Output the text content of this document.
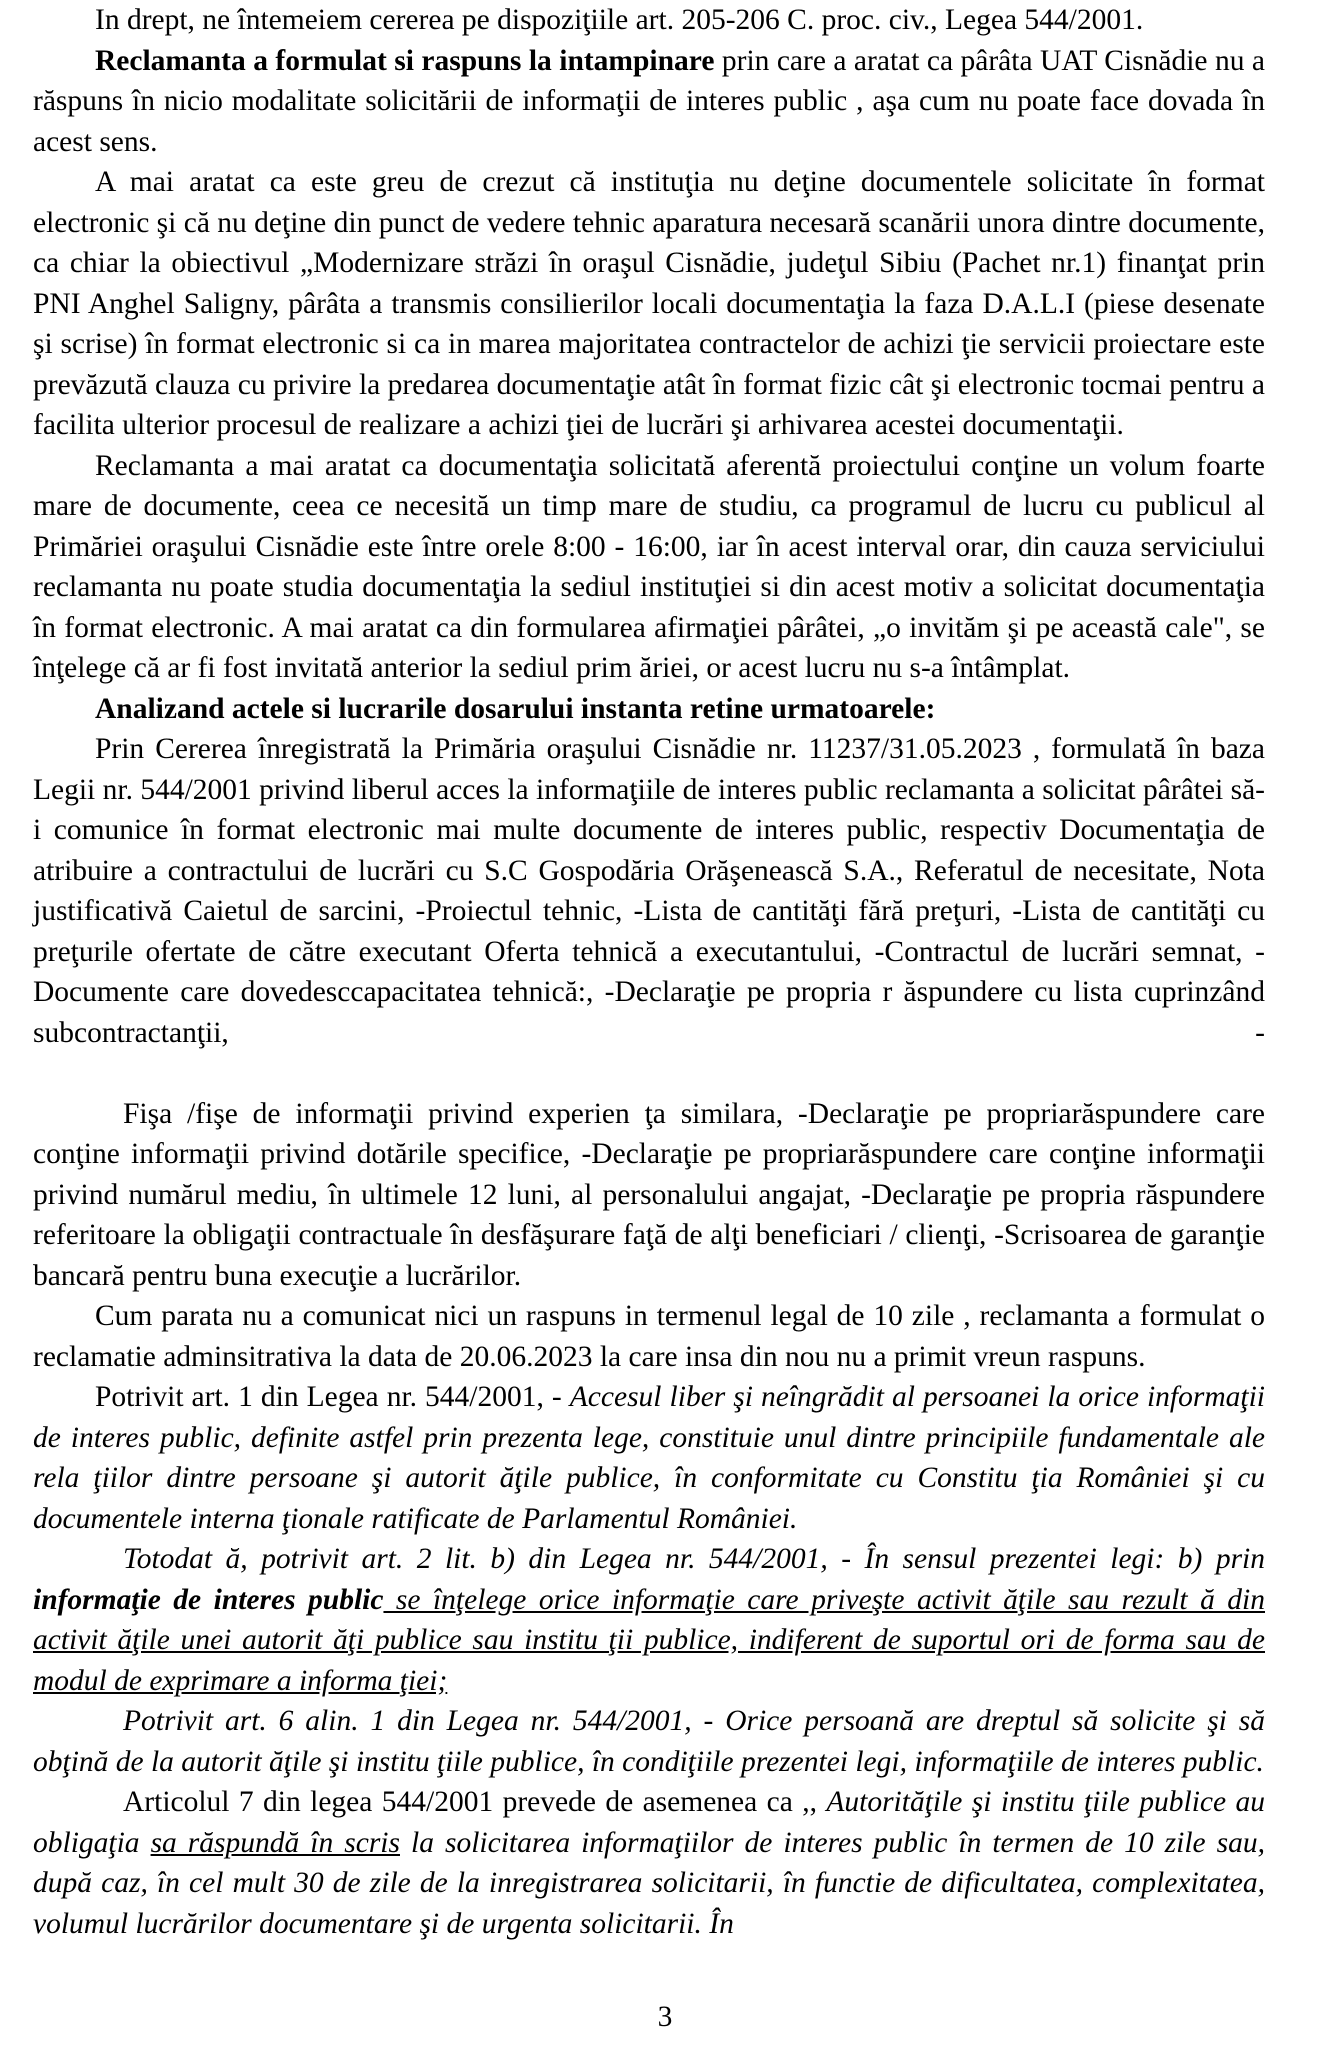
In drept, ne întemeiem cererea pe dispoziţiile art. 205-206 C. proc. civ., Legea 544/2001.

Reclamanta a formulat si raspuns la intampinare prin care a aratat ca pârâta UAT Cisnădie nu a răspuns în nicio modalitate solicitării de informaţii de interes public , aşa cum nu poate face dovada în acest sens.

A mai aratat ca este greu de crezut că instituţia nu deţine documentele solicitate în format electronic şi că nu deţine din punct de vedere tehnic aparatura necesară scanării unora dintre documente, ca chiar la obiectivul „Modernizare străzi în oraşul Cisnădie, judeţul Sibiu (Pachet nr.1) finanţat prin PNI Anghel Saligny, pârâta a transmis consilierilor locali documentaţia la faza D.A.L.I (piese desenate şi scrise) în format electronic si ca in marea majoritatea contractelor de achizi ţie servicii proiectare este prevăzută clauza cu privire la predarea documentaţie atât în format fizic cât şi electronic tocmai pentru a facilita ulterior procesul de realizare a achizi ţiei de lucrări şi arhivarea acestei documentaţii.

Reclamanta a mai aratat ca documentaţia solicitată aferentă proiectului conţine un volum foarte mare de documente, ceea ce necesită un timp mare de studiu, ca programul de lucru cu publicul al Primăriei oraşului Cisnădie este între orele 8:00 - 16:00, iar în acest interval orar, din cauza serviciului reclamanta nu poate studia documentaţia la sediul instituţiei si din acest motiv a solicitat documentaţia în format electronic. A mai aratat ca din formularea afirmaţiei pârâtei, „o invităm şi pe această cale", se înţelege că ar fi fost invitată anterior la sediul prim ăriei, or acest lucru nu s-a întâmplat.

Analizand actele si lucrarile dosarului instanta retine urmatoarele:

Prin Cererea înregistrată la Primăria oraşului Cisnădie nr. 11237/31.05.2023 , formulată în baza Legii nr. 544/2001 privind liberul acces la informaţiile de interes public reclamanta a solicitat pârâtei să-i comunice în format electronic mai multe documente de interes public, respectiv Documentaţia de atribuire a contractului de lucrări cu S.C Gospodăria Orăşenească S.A., Referatul de necesitate, Nota justificativă Caietul de sarcini, -Proiectul tehnic, -Lista de cantităţi fără preţuri, -Lista de cantităţi cu preţurile ofertate de către executant Oferta tehnică a executantului, -Contractul de lucrări semnat, -Documente care dovedesccapacitatea tehnică:, -Declaraţie pe propria r ăspundere cu lista cuprinzând subcontractanţii, -

Fişa /fişe de informaţii privind experien ţa similara, -Declaraţie pe propriarăspundere care conţine informaţii privind dotările specifice, -Declaraţie pe propriarăspundere care conţine informaţii privind numărul mediu, în ultimele 12 luni, al personalului angajat, -Declaraţie pe propria răspundere referitoare la obligaţii contractuale în desfăşurare faţă de alţi beneficiari / clienţi, -Scrisoarea de garanţie bancară pentru buna execuţie a lucrărilor.

Cum parata nu a comunicat nici un raspuns in termenul legal de 10 zile , reclamanta a formulat o reclamatie adminsitrativa la data de 20.06.2023 la care insa din nou nu a primit vreun raspuns.

Potrivit art. 1 din Legea nr. 544/2001, - Accesul liber şi neîngrădit al persoanei la orice informaţii de interes public, definite astfel prin prezenta lege, constituie unul dintre principiile fundamentale ale rela ţiilor dintre persoane şi autorit ăţile publice, în conformitate cu Constitu ţia României şi cu documentele interna ţionale ratificate de Parlamentul României.

Totodat ă, potrivit art. 2 lit. b) din Legea nr. 544/2001, - În sensul prezentei legi: b) prin informaţie de interes public se înţelege orice informaţie care priveşte activit ăţile sau rezult ă din activit ăţile unei autorit ăţi publice sau institu ţii publice, indiferent de suportul ori de forma sau de modul de exprimare a informa ţiei;

Potrivit art. 6 alin. 1 din Legea nr. 544/2001, - Orice persoană are dreptul să solicite şi să obţină de la autorit ăţile şi institu ţiile publice, în condiţiile prezentei legi, informaţiile de interes public.

Articolul 7 din legea 544/2001 prevede de asemenea ca ,, Autorităţile şi institu ţiile publice au obligaţia sa răspundă în scris la solicitarea informaţiilor de interes public în termen de 10 zile sau, după caz, în cel mult 30 de zile de la inregistrarea solicitarii, în functie de dificultatea, complexitatea, volumul lucrărilor documentare şi de urgenta solicitarii. În

3
